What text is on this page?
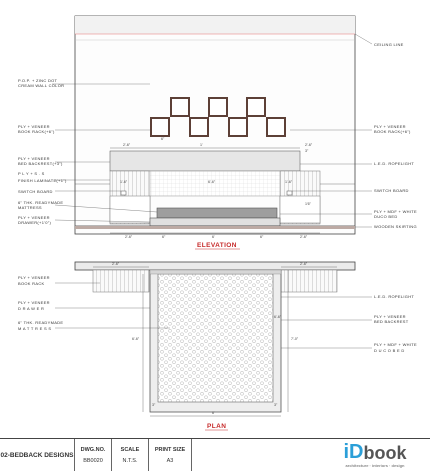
2'-6"	1'	2'-6"
1'-6"	6'-6"	1'-6"
6"
3"
1'6"
2'-6"	6"	6'	6"	2'-6"
P.O.P. + ZINC DOT
CREAM WALL COLOR
PLY + VENEER
BOOK RACK(+6")
PLY + VENEER
BED BACKREST(+3")
P L Y + S . S
FINISH LAMINATE(+1")
SWITCH BOARD
6" THK. READYMADE
MATTRESS
PLY + VENEER
DRAWER(+1'0")
CEILING LINE
PLY + VENEER
BOOK RACK(+6")
L.E.D. ROPELIGHT
SWITCH BOARD
PLY + MDF + WHITE
DUCO BED
WOODEN SKIRTING
ELEVATION
2'-6"	2'-6"
6'-6"	7'-0"
6'-6"
6'
3"	3"
PLY + VENEER
BOOK RACK
PLY + VENEER
D R A W E R
6" THK. READYMADE
M A T T R E S S
L.E.D. ROPELIGHT
PLY + VENEER
BED BACKREST
PLY + MDF + WHITE
D U C O B E D
PLAN
02-BEDBACK DESIGNS
DWG.NO.
BB0020
SCALE
N.T.S.
PRINT SIZE
A3	iD book
architecture · interiors · design
